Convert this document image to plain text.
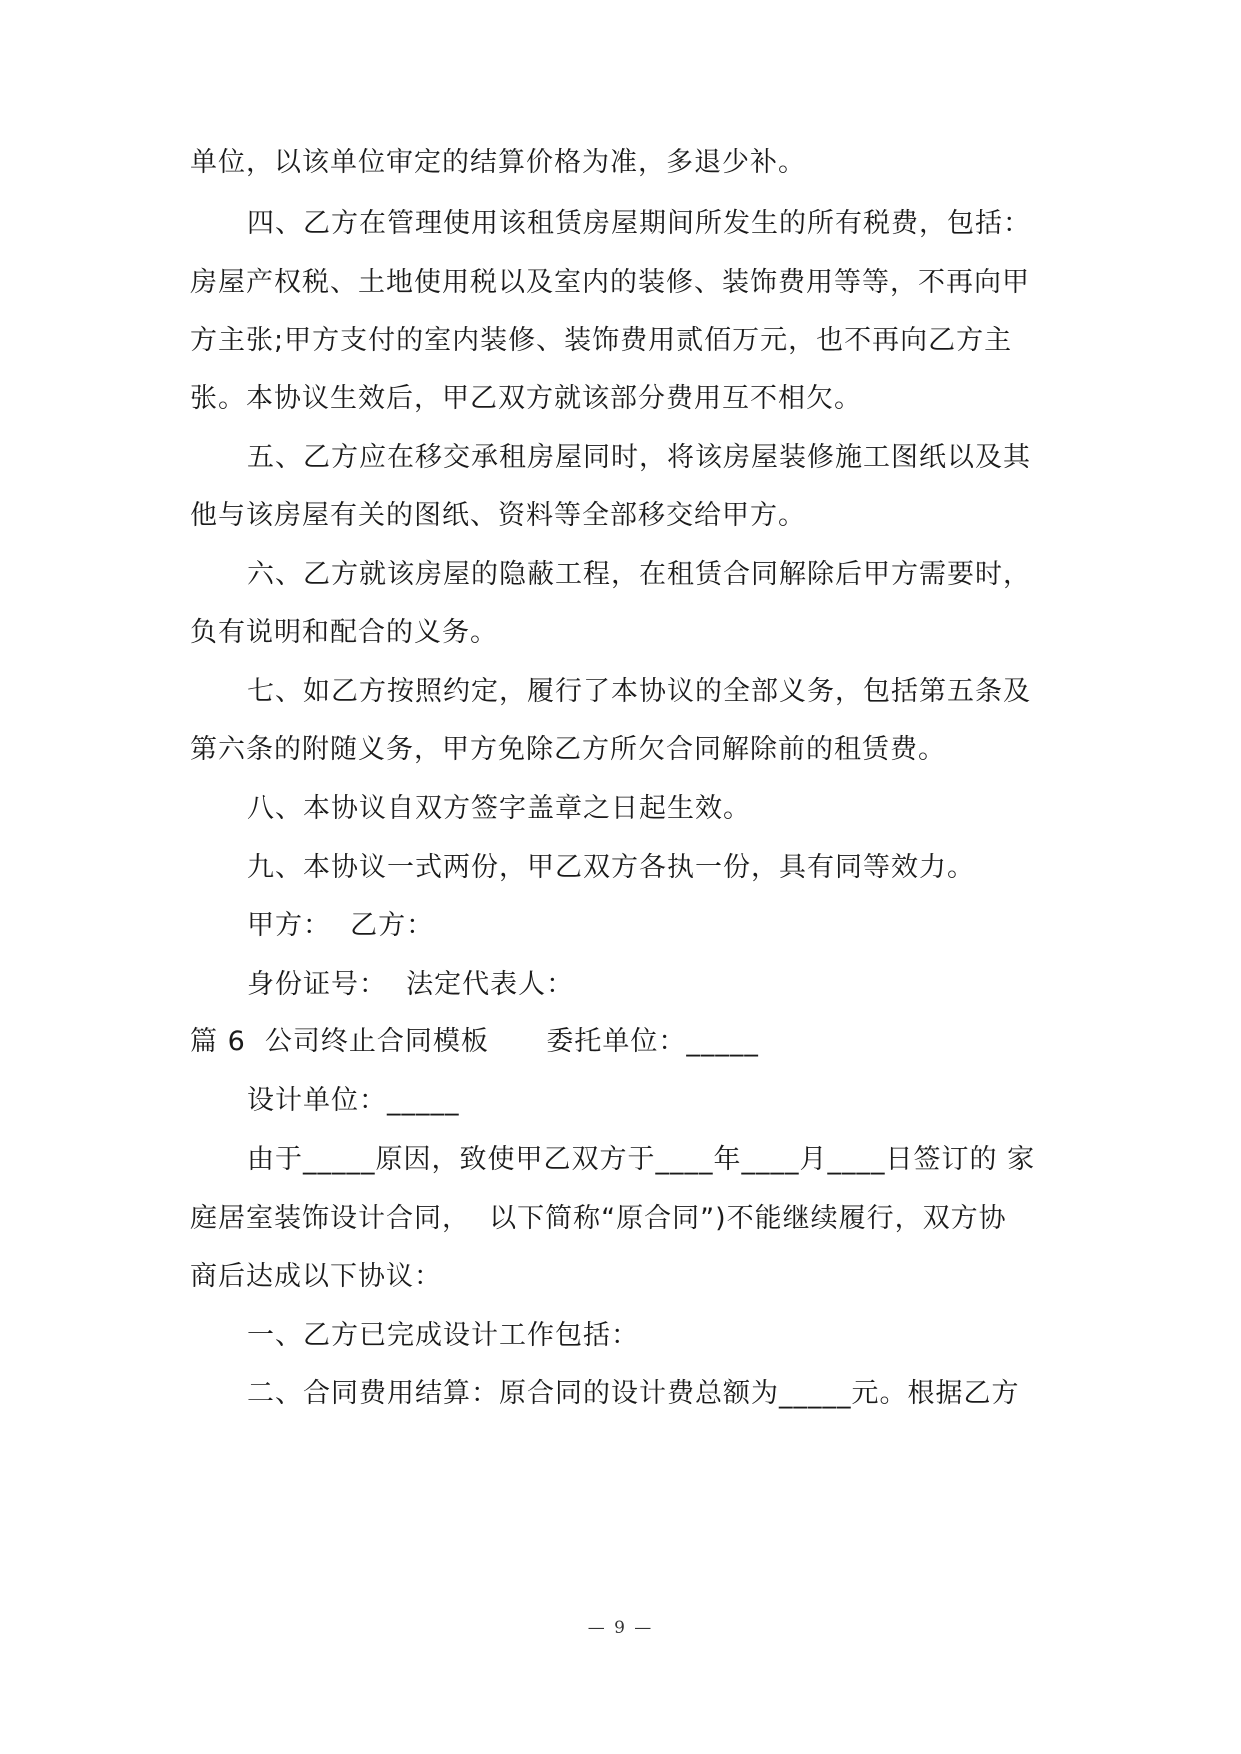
单位，以该单位审定的结算价格为准，多退少补。
四、乙方在管理使用该租赁房屋期间所发生的所有税费，包括：
房屋产权税、土地使用税以及室内的装修、装饰费用等等，不再向甲
方主张;甲方支付的室内装修、装饰费用贰佰万元，也不再向乙方主
张。本协议生效后，甲乙双方就该部分费用互不相欠。
五、乙方应在移交承租房屋同时，将该房屋装修施工图纸以及其
他与该房屋有关的图纸、资料等全部移交给甲方。
六、乙方就该房屋的隐蔽工程，在租赁合同解除后甲方需要时，
负有说明和配合的义务。
七、如乙方按照约定，履行了本协议的全部义务，包括第五条及
第六条的附随义务，甲方免除乙方所欠合同解除前的租赁费。
八、本协议自双方签字盖章之日起生效。
九、本协议一式两份，甲乙双方各执一份，具有同等效力。
甲方：  乙方：
身份证号：  法定代表人：
篇 6  公司终止合同模板      委托单位：_____
设计单位：_____
由于_____原因，致使甲乙双方于____年____月____日签订的 家
庭居室装饰设计合同，  以下简称“原合同”)不能继续履行，双方协
商后达成以下协议：
一、乙方已完成设计工作包括：
二、合同费用结算：原合同的设计费总额为_____元。根据乙方
— 9 —
